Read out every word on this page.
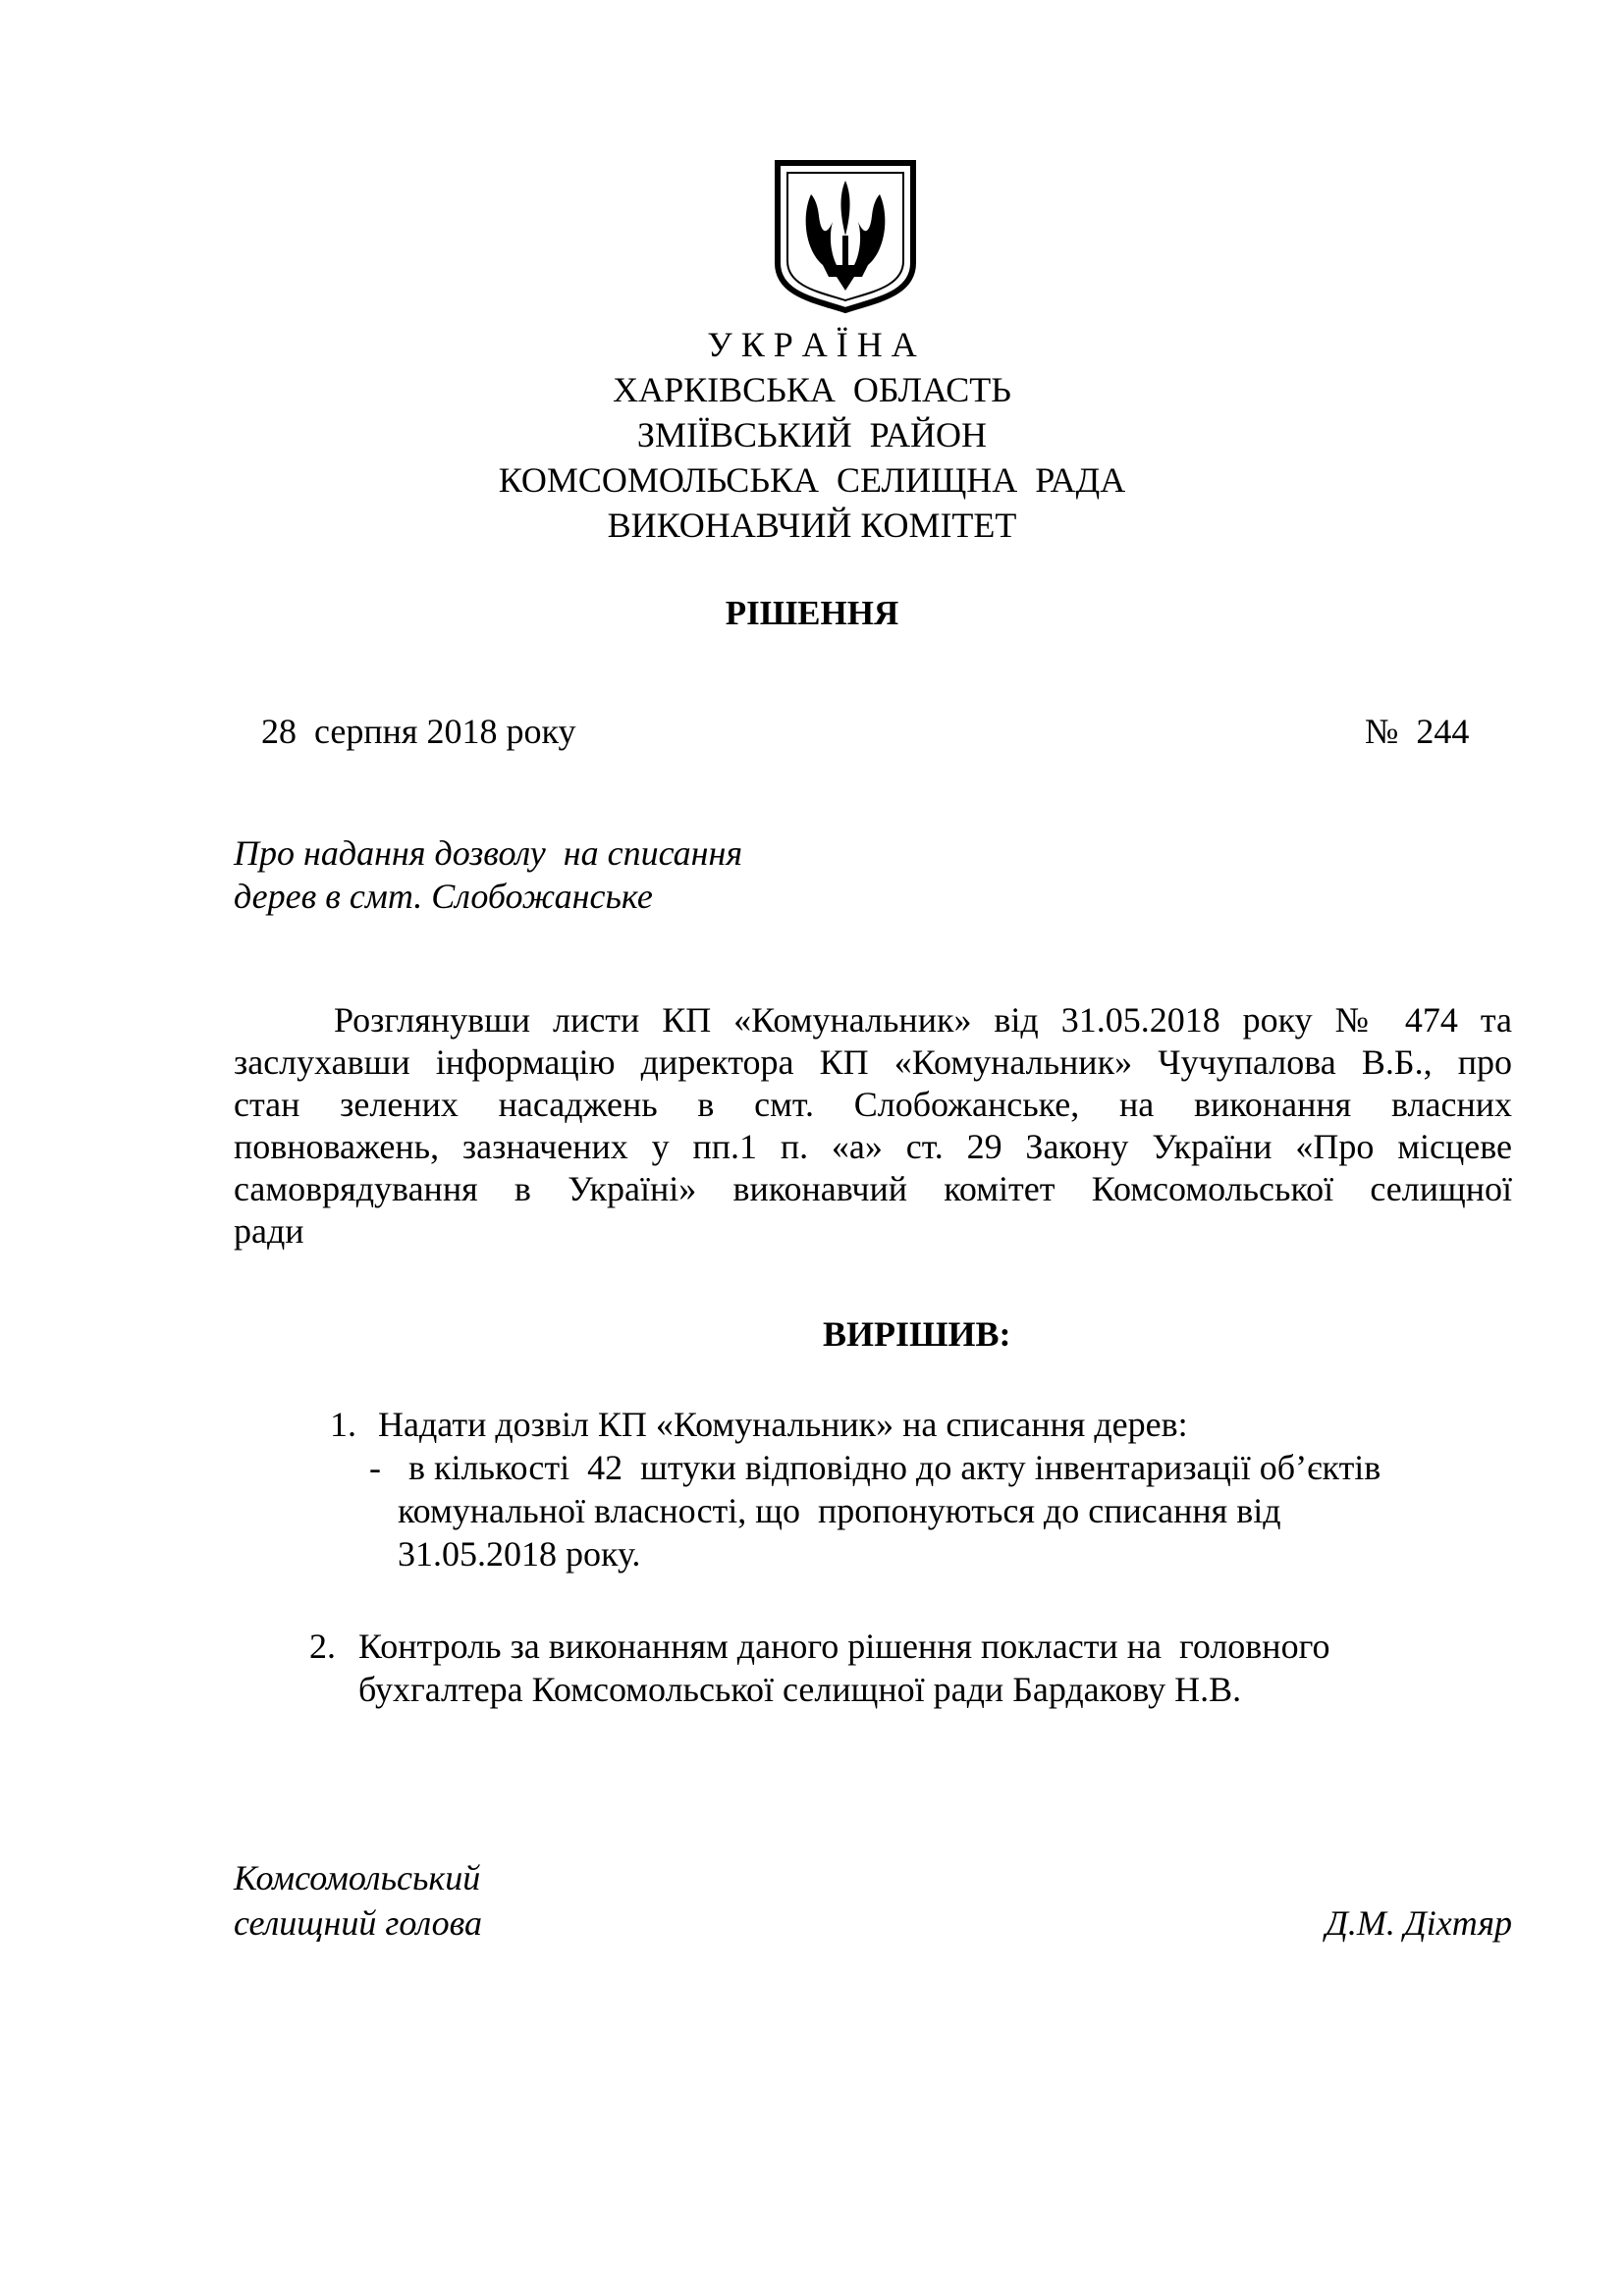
У К Р А Ї Н А
ХАРКІВСЬКА  ОБЛАСТЬ
ЗМІЇВСЬКИЙ  РАЙОН
КОМСОМОЛЬСЬКА  СЕЛИЩНА  РАДА
ВИКОНАВЧИЙ КОМІТЕТ
РІШЕННЯ
28  серпня 2018 року	№  244
Про надання дозволу  на списання
дерев в смт. Слобожанське
Розглянувши листи КП «Комунальник» від 31.05.2018 року № 474 та
заслухавши інформацію директора КП «Комунальник» Чучупалова В.Б., про
стан зелених насаджень в смт. Слобожанське, на виконання власних
повноважень, зазначених у пп.1 п. «а» ст. 29 Закону України «Про місцеве
самоврядування в Україні» виконавчий комітет Комсомольської селищної
ради
ВИРІШИВ:
1. Надати дозвіл КП «Комунальник» на списання дерев:
- в кількості  42  штуки відповідно до акту інвентаризації об’єктів
комунальної власності, що  пропонуються до списання від
31.05.2018 року.
2. Контроль за виконанням даного рішення покласти на  головного
бухгалтера Комсомольської селищної ради Бардакову Н.В.
Комсомольський
селищний голова	Д.М. Діхтяр
